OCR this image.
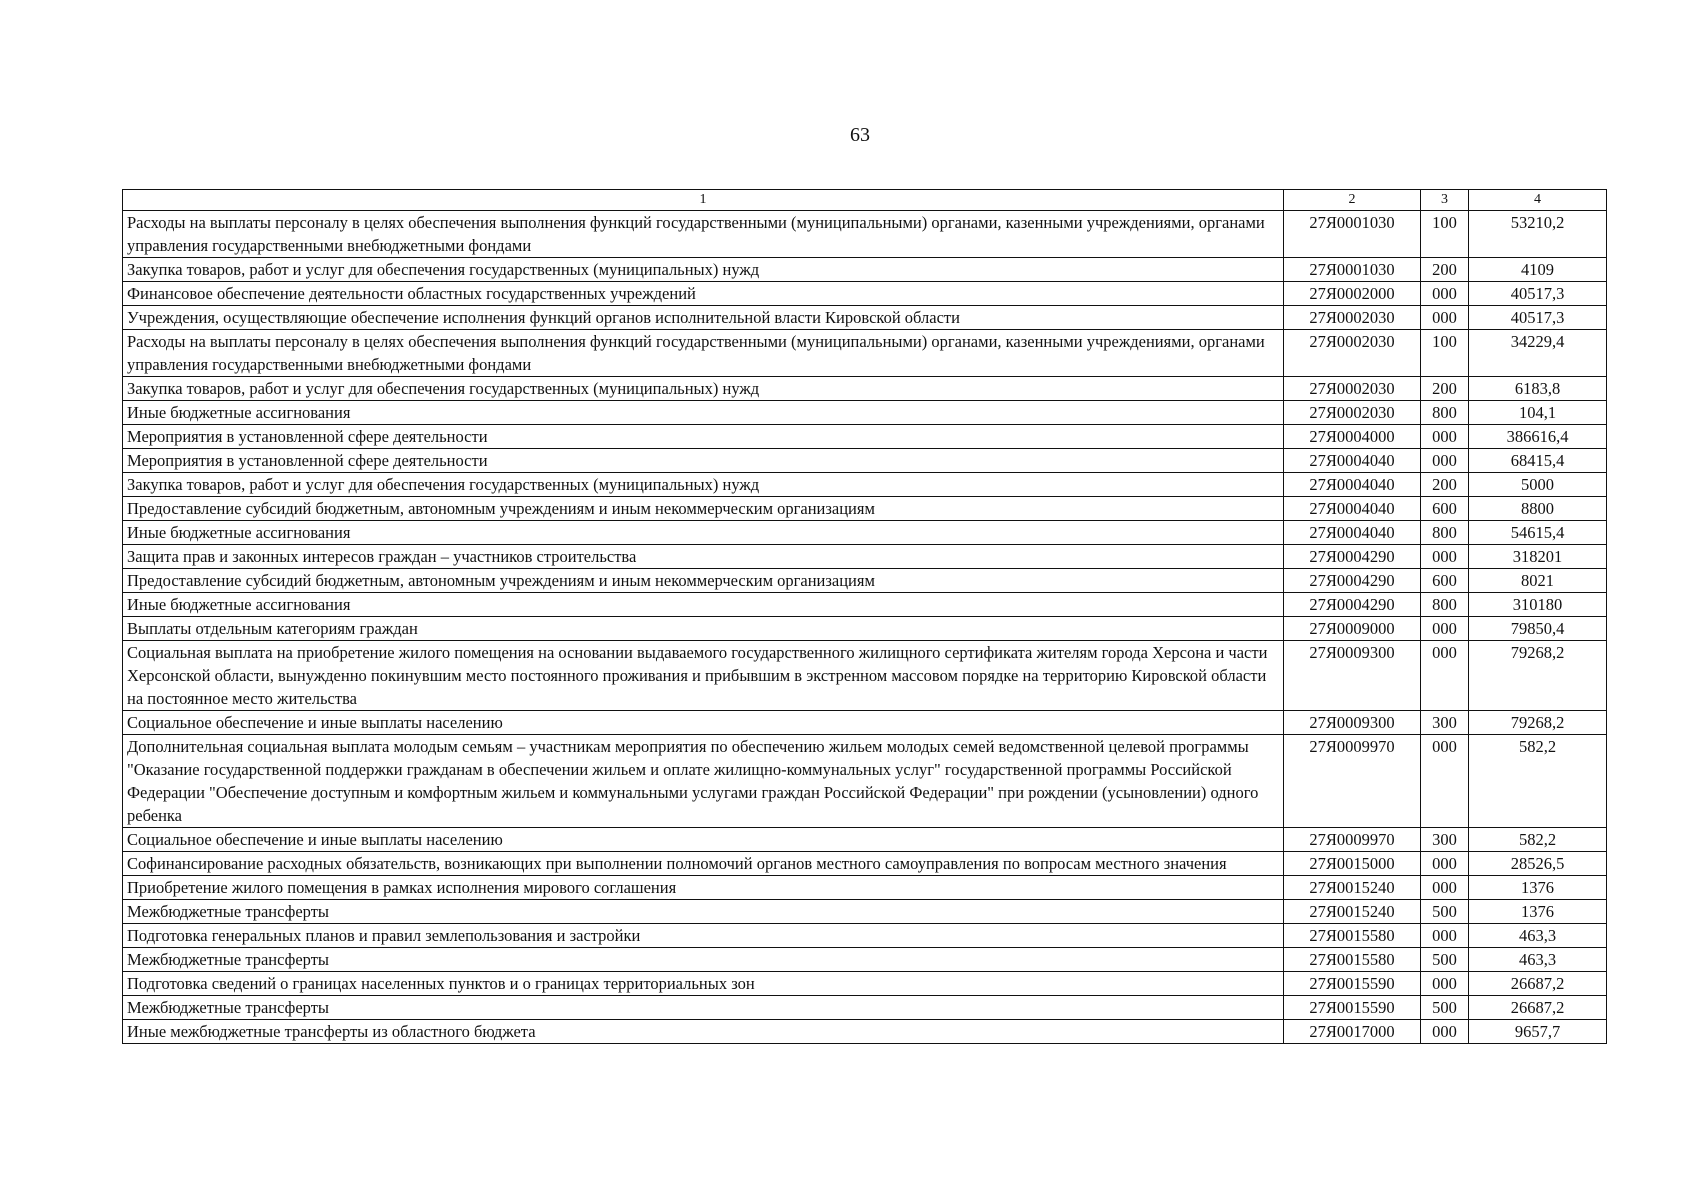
63
1	2	3	4
Расходы на выплаты персоналу в целях обеспечения выполнения функций государственными (муниципальными) органами, казенными учреждениями, органами управления государственными внебюджетными фондами	27Я0001030	100	53210,2
Закупка товаров, работ и услуг для обеспечения государственных (муниципальных) нужд	27Я0001030	200	4109
Финансовое обеспечение деятельности областных государственных учреждений	27Я0002000	000	40517,3
Учреждения, осуществляющие обеспечение исполнения функций органов исполнительной власти Кировской области	27Я0002030	000	40517,3
Расходы на выплаты персоналу в целях обеспечения выполнения функций государственными (муниципальными) органами, казенными учреждениями, органами управления государственными внебюджетными фондами	27Я0002030	100	34229,4
Закупка товаров, работ и услуг для обеспечения государственных (муниципальных) нужд	27Я0002030	200	6183,8
Иные бюджетные ассигнования	27Я0002030	800	104,1
Мероприятия в установленной сфере деятельности	27Я0004000	000	386616,4
Мероприятия в установленной сфере деятельности	27Я0004040	000	68415,4
Закупка товаров, работ и услуг для обеспечения государственных (муниципальных) нужд	27Я0004040	200	5000
Предоставление субсидий бюджетным, автономным учреждениям и иным некоммерческим организациям	27Я0004040	600	8800
Иные бюджетные ассигнования	27Я0004040	800	54615,4
Защита прав и законных интересов граждан – участников строительства	27Я0004290	000	318201
Предоставление субсидий бюджетным, автономным учреждениям и иным некоммерческим организациям	27Я0004290	600	8021
Иные бюджетные ассигнования	27Я0004290	800	310180
Выплаты отдельным категориям граждан	27Я0009000	000	79850,4
Социальная выплата на приобретение жилого помещения на основании выдаваемого государственного жилищного сертификата жителям города Херсона и части Херсонской области, вынужденно покинувшим место постоянного проживания и прибывшим в экстренном массовом порядке на территорию Кировской области на постоянное место жительства	27Я0009300	000	79268,2
Социальное обеспечение и иные выплаты населению	27Я0009300	300	79268,2
Дополнительная социальная выплата молодым семьям – участникам мероприятия по обеспечению жильем молодых семей ведомственной целевой программы "Оказание государственной поддержки гражданам в обеспечении жильем и оплате жилищно-коммунальных услуг" государственной программы Российской Федерации "Обеспечение доступным и комфортным жильем и коммунальными услугами граждан Российской Федерации" при рождении (усыновлении) одного ребенка	27Я0009970	000	582,2
Социальное обеспечение и иные выплаты населению	27Я0009970	300	582,2
Софинансирование расходных обязательств, возникающих при выполнении полномочий органов местного самоуправления по вопросам местного значения	27Я0015000	000	28526,5
Приобретение жилого помещения в рамках исполнения мирового соглашения	27Я0015240	000	1376
Межбюджетные трансферты	27Я0015240	500	1376
Подготовка генеральных планов и правил землепользования и застройки	27Я0015580	000	463,3
Межбюджетные трансферты	27Я0015580	500	463,3
Подготовка сведений о границах населенных пунктов и о границах территориальных зон	27Я0015590	000	26687,2
Межбюджетные трансферты	27Я0015590	500	26687,2
Иные межбюджетные трансферты из областного бюджета	27Я0017000	000	9657,7
